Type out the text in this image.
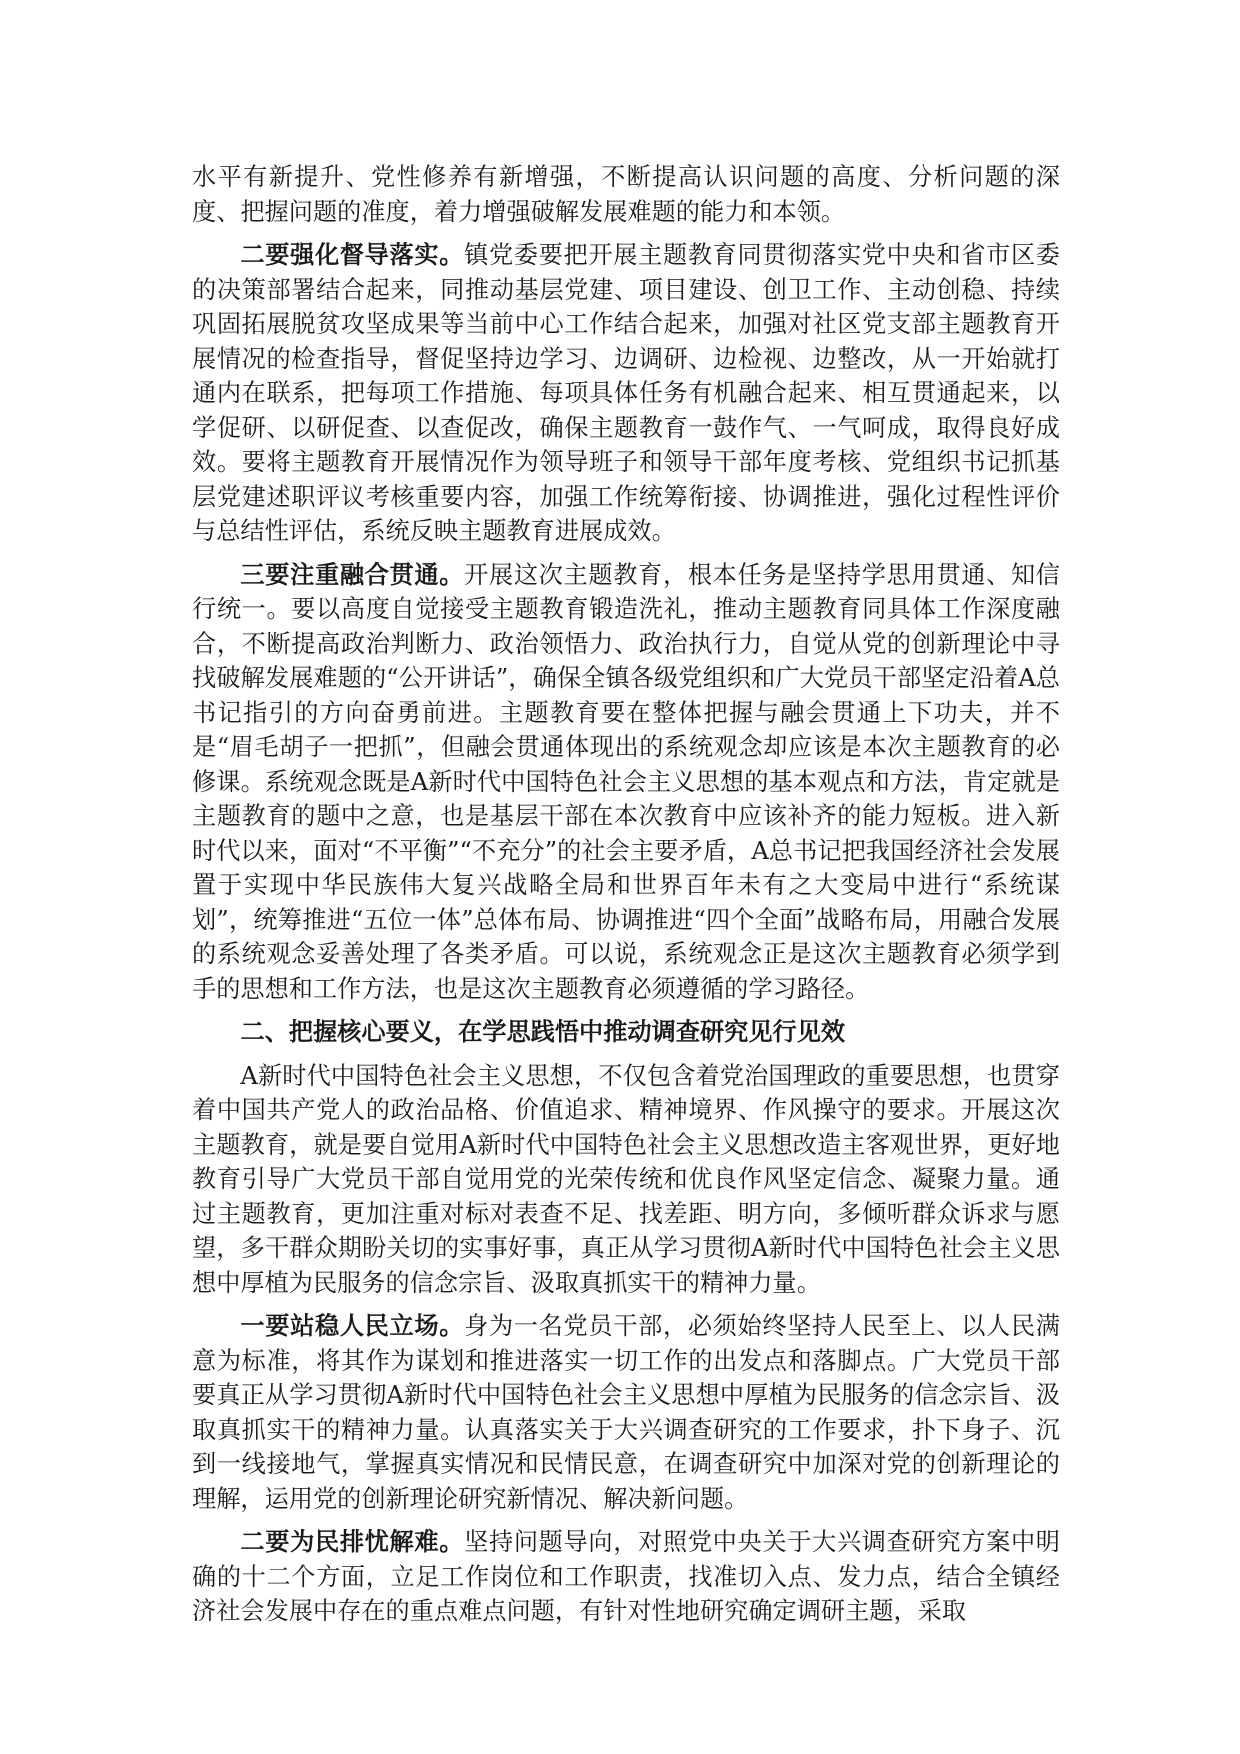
水平有新提升、党性修养有新增强，不断提高认识问题的高度、分析问题的深度、把握问题的准度，着力增强破解发展难题的能力和本领。

二要强化督导落实。镇党委要把开展主题教育同贯彻落实党中央和省市区委的决策部署结合起来，同推动基层党建、项目建设、创卫工作、主动创稳、持续巩固拓展脱贫攻坚成果等当前中心工作结合起来，加强对社区党支部主题教育开展情况的检查指导，督促坚持边学习、边调研、边检视、边整改，从一开始就打通内在联系，把每项工作措施、每项具体任务有机融合起来、相互贯通起来，以学促研、以研促查、以查促改，确保主题教育一鼓作气、一气呵成，取得良好成效。要将主题教育开展情况作为领导班子和领导干部年度考核、党组织书记抓基层党建述职评议考核重要内容，加强工作统筹衔接、协调推进，强化过程性评价与总结性评估，系统反映主题教育进展成效。

三要注重融合贯通。开展这次主题教育，根本任务是坚持学思用贯通、知信行统一。要以高度自觉接受主题教育锻造洗礼，推动主题教育同具体工作深度融合，不断提高政治判断力、政治领悟力、政治执行力，自觉从党的创新理论中寻找破解发展难题的“公开讲话”，确保全镇各级党组织和广大党员干部坚定沿着A总书记指引的方向奋勇前进。主题教育要在整体把握与融会贯通上下功夫，并不是“眉毛胡子一把抓”，但融会贯通体现出的系统观念却应该是本次主题教育的必修课。系统观念既是A新时代中国特色社会主义思想的基本观点和方法，肯定就是主题教育的题中之意，也是基层干部在本次教育中应该补齐的能力短板。进入新时代以来，面对“不平衡”“不充分”的社会主要矛盾，A总书记把我国经济社会发展置于实现中华民族伟大复兴战略全局和世界百年未有之大变局中进行“系统谋划”，统筹推进“五位一体”总体布局、协调推进“四个全面”战略布局，用融合发展的系统观念妥善处理了各类矛盾。可以说，系统观念正是这次主题教育必须学到手的思想和工作方法，也是这次主题教育必须遵循的学习路径。

二、把握核心要义，在学思践悟中推动调查研究见行见效

A新时代中国特色社会主义思想，不仅包含着党治国理政的重要思想，也贯穿着中国共产党人的政治品格、价值追求、精神境界、作风操守的要求。开展这次主题教育，就是要自觉用A新时代中国特色社会主义思想改造主客观世界，更好地教育引导广大党员干部自觉用党的光荣传统和优良作风坚定信念、凝聚力量。通过主题教育，更加注重对标对表查不足、找差距、明方向，多倾听群众诉求与愿望，多干群众期盼关切的实事好事，真正从学习贯彻A新时代中国特色社会主义思想中厚植为民服务的信念宗旨、汲取真抓实干的精神力量。

一要站稳人民立场。身为一名党员干部，必须始终坚持人民至上、以人民满意为标准，将其作为谋划和推进落实一切工作的出发点和落脚点。广大党员干部要真正从学习贯彻A新时代中国特色社会主义思想中厚植为民服务的信念宗旨、汲取真抓实干的精神力量。认真落实关于大兴调查研究的工作要求，扑下身子、沉到一线接地气，掌握真实情况和民情民意，在调查研究中加深对党的创新理论的理解，运用党的创新理论研究新情况、解决新问题。

二要为民排忧解难。坚持问题导向，对照党中央关于大兴调查研究方案中明确的十二个方面，立足工作岗位和工作职责，找准切入点、发力点，结合全镇经济社会发展中存在的重点难点问题，有针对性地研究确定调研主题，采取
